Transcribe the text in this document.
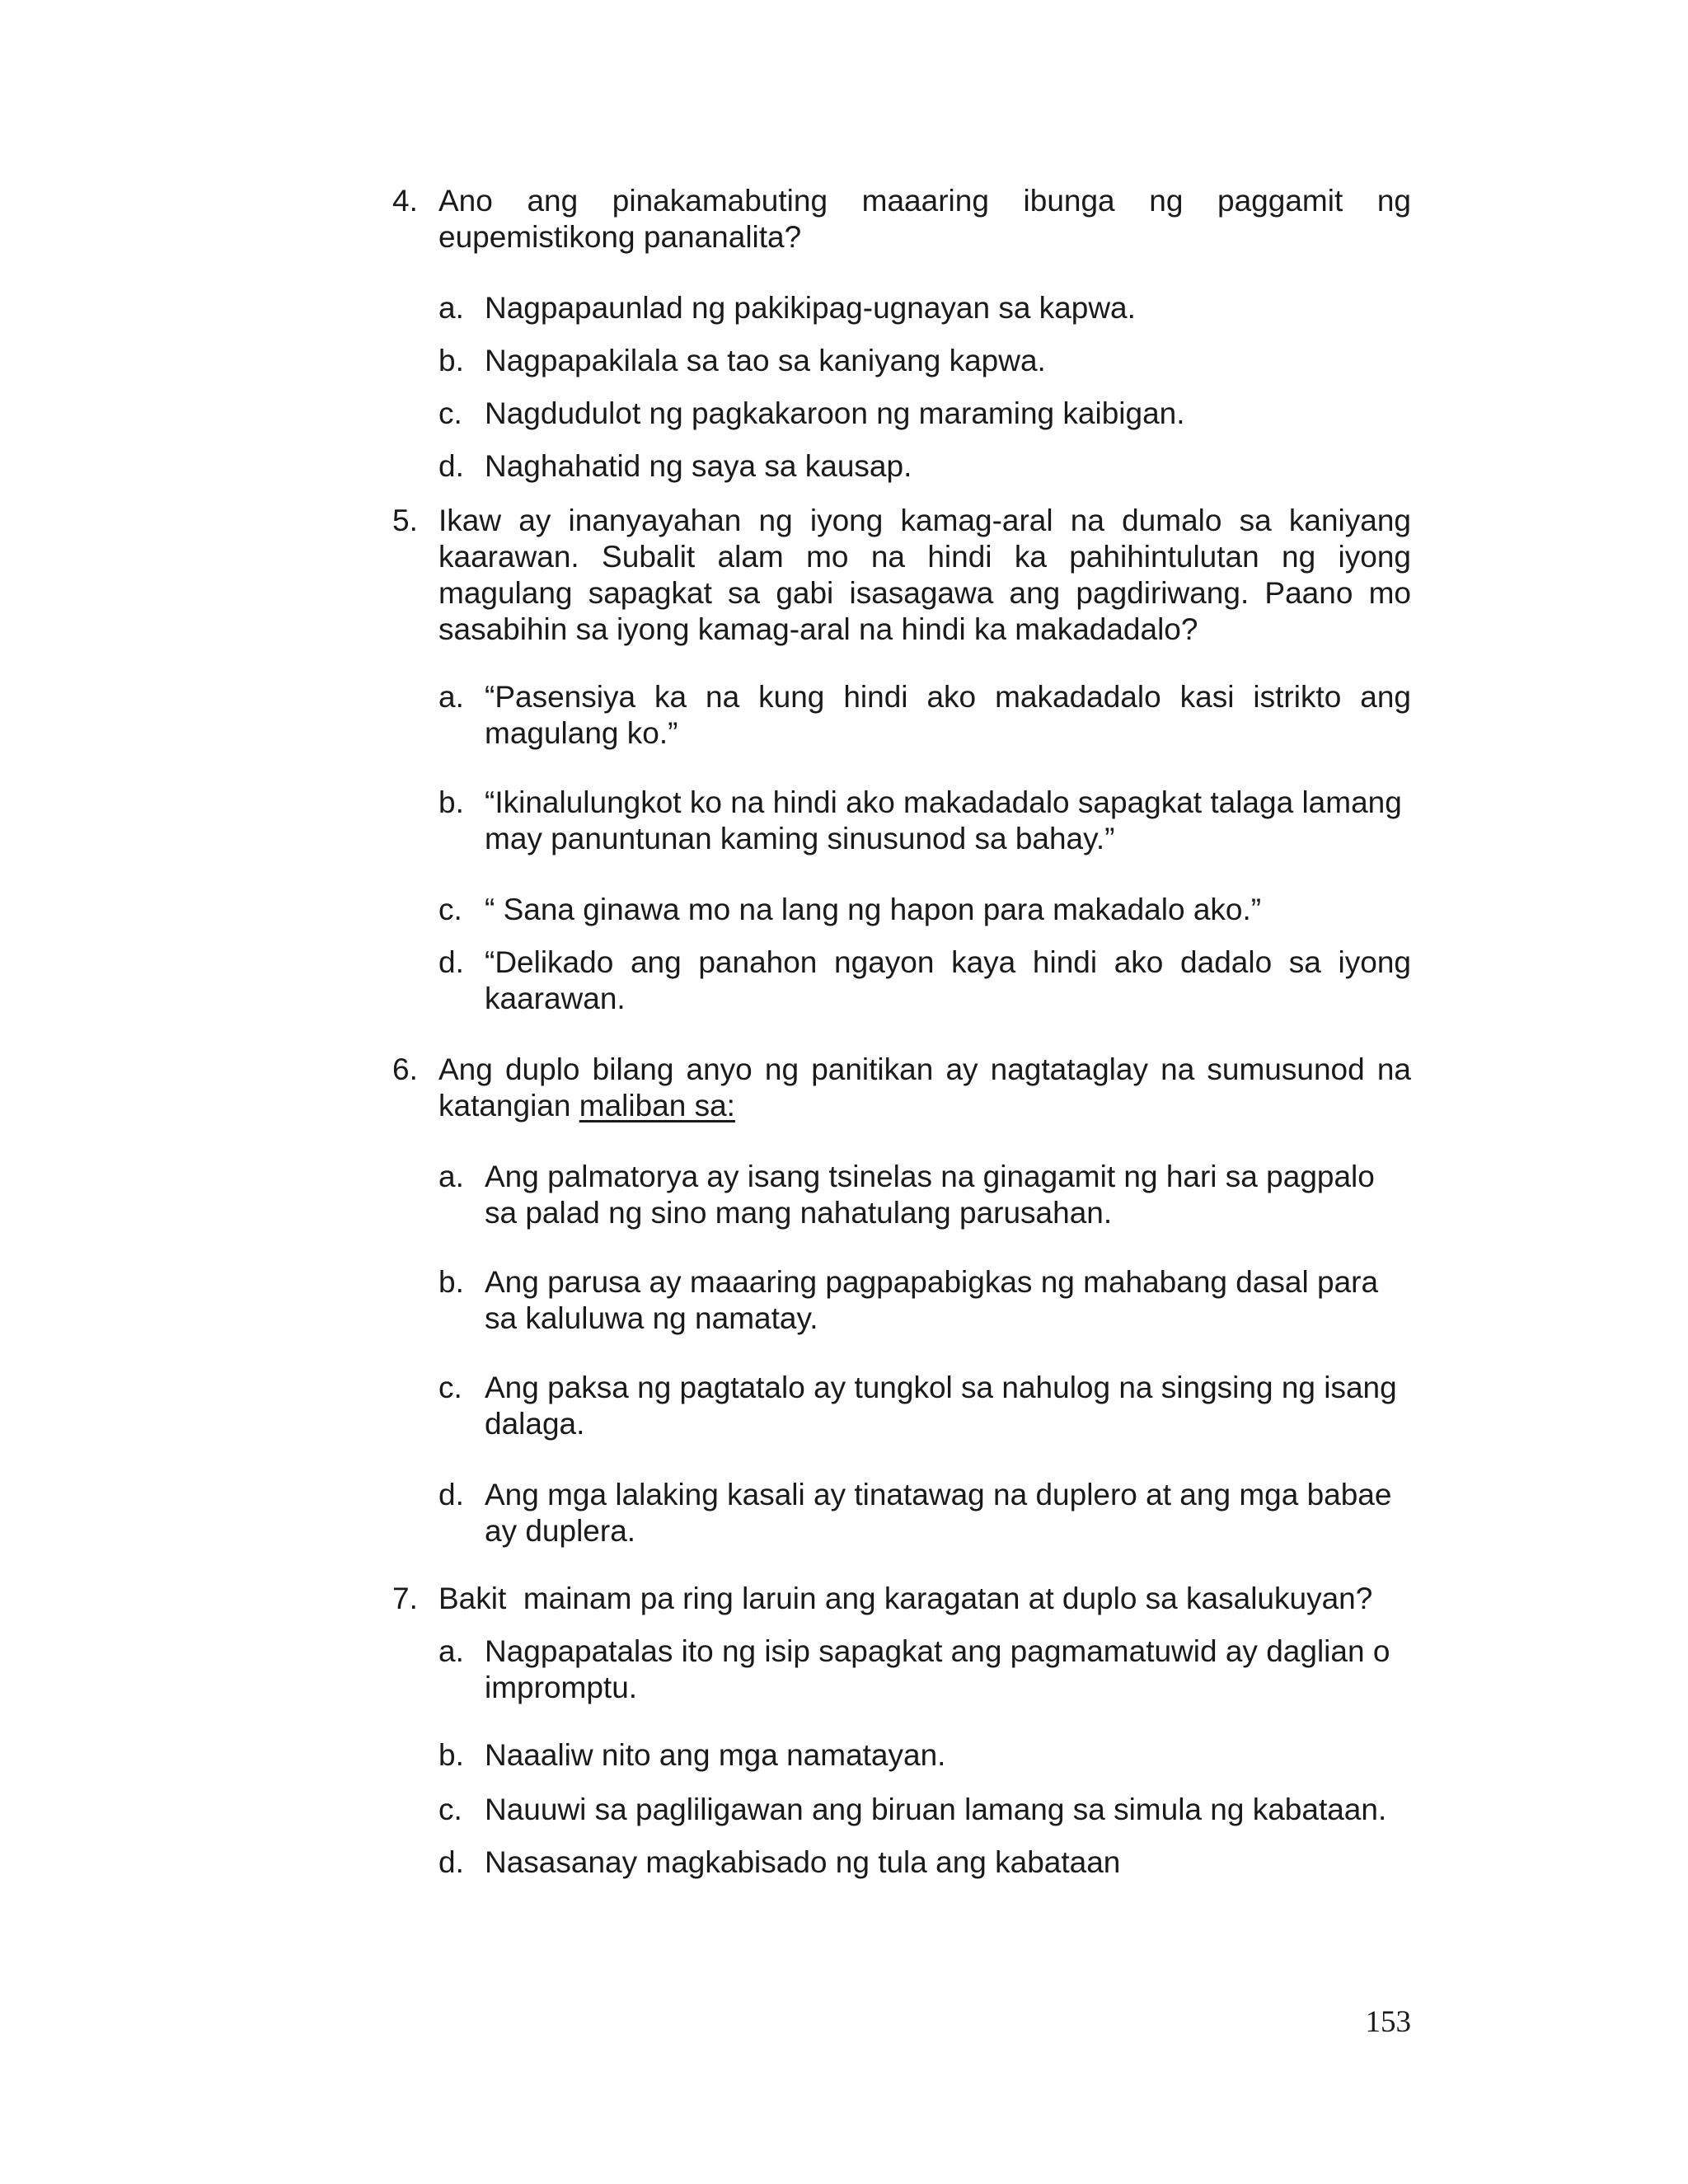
4. Ano ang pinakamabuting maaaring ibunga ng paggamit ng eupemistikong pananalita?
a. Nagpapaunlad ng pakikipag-ugnayan sa kapwa.
b. Nagpapakilala sa tao sa kaniyang kapwa.
c. Nagdudulot ng pagkakaroon ng maraming kaibigan.
d. Naghahatid ng saya sa kausap.
5. Ikaw ay inanyayahan ng iyong kamag-aral na dumalo sa kaniyang kaarawan. Subalit alam mo na hindi ka pahihintulutan ng iyong magulang sapagkat sa gabi isasagawa ang pagdiriwang. Paano mo sasabihin sa iyong kamag-aral na hindi ka makadadalo?
a. “Pasensiya ka na kung hindi ako makadadalo kasi istrikto ang magulang ko.”
b. “Ikinalulungkot ko na hindi ako makadadalo sapagkat talaga lamang may panuntunan kaming sinusunod sa bahay.”
c. “ Sana ginawa mo na lang ng hapon para makadalo ako.”
d. “Delikado ang panahon ngayon kaya hindi ako dadalo sa iyong kaarawan.
6. Ang duplo bilang anyo ng panitikan ay nagtataglay na sumusunod na katangian maliban sa:
a. Ang palmatorya ay isang tsinelas na ginagamit ng hari sa pagpalo sa palad ng sino mang nahatulang parusahan.
b. Ang parusa ay maaaring pagpapabigkas ng mahabang dasal para sa kaluluwa ng namatay.
c. Ang paksa ng pagtatalo ay tungkol sa nahulog na singsing ng isang dalaga.
d. Ang mga lalaking kasali ay tinatawag na duplero at ang mga babae ay duplera.
7. Bakit  mainam pa ring laruin ang karagatan at duplo sa kasalukuyan?
a. Nagpapatalas ito ng isip sapagkat ang pagmamatuwid ay daglian o impromptu.
b. Naaaliw nito ang mga namatayan.
c. Nauuwi sa pagliligawan ang biruan lamang sa simula ng kabataan.
d. Nasasanay magkabisado ng tula ang kabataan
153
